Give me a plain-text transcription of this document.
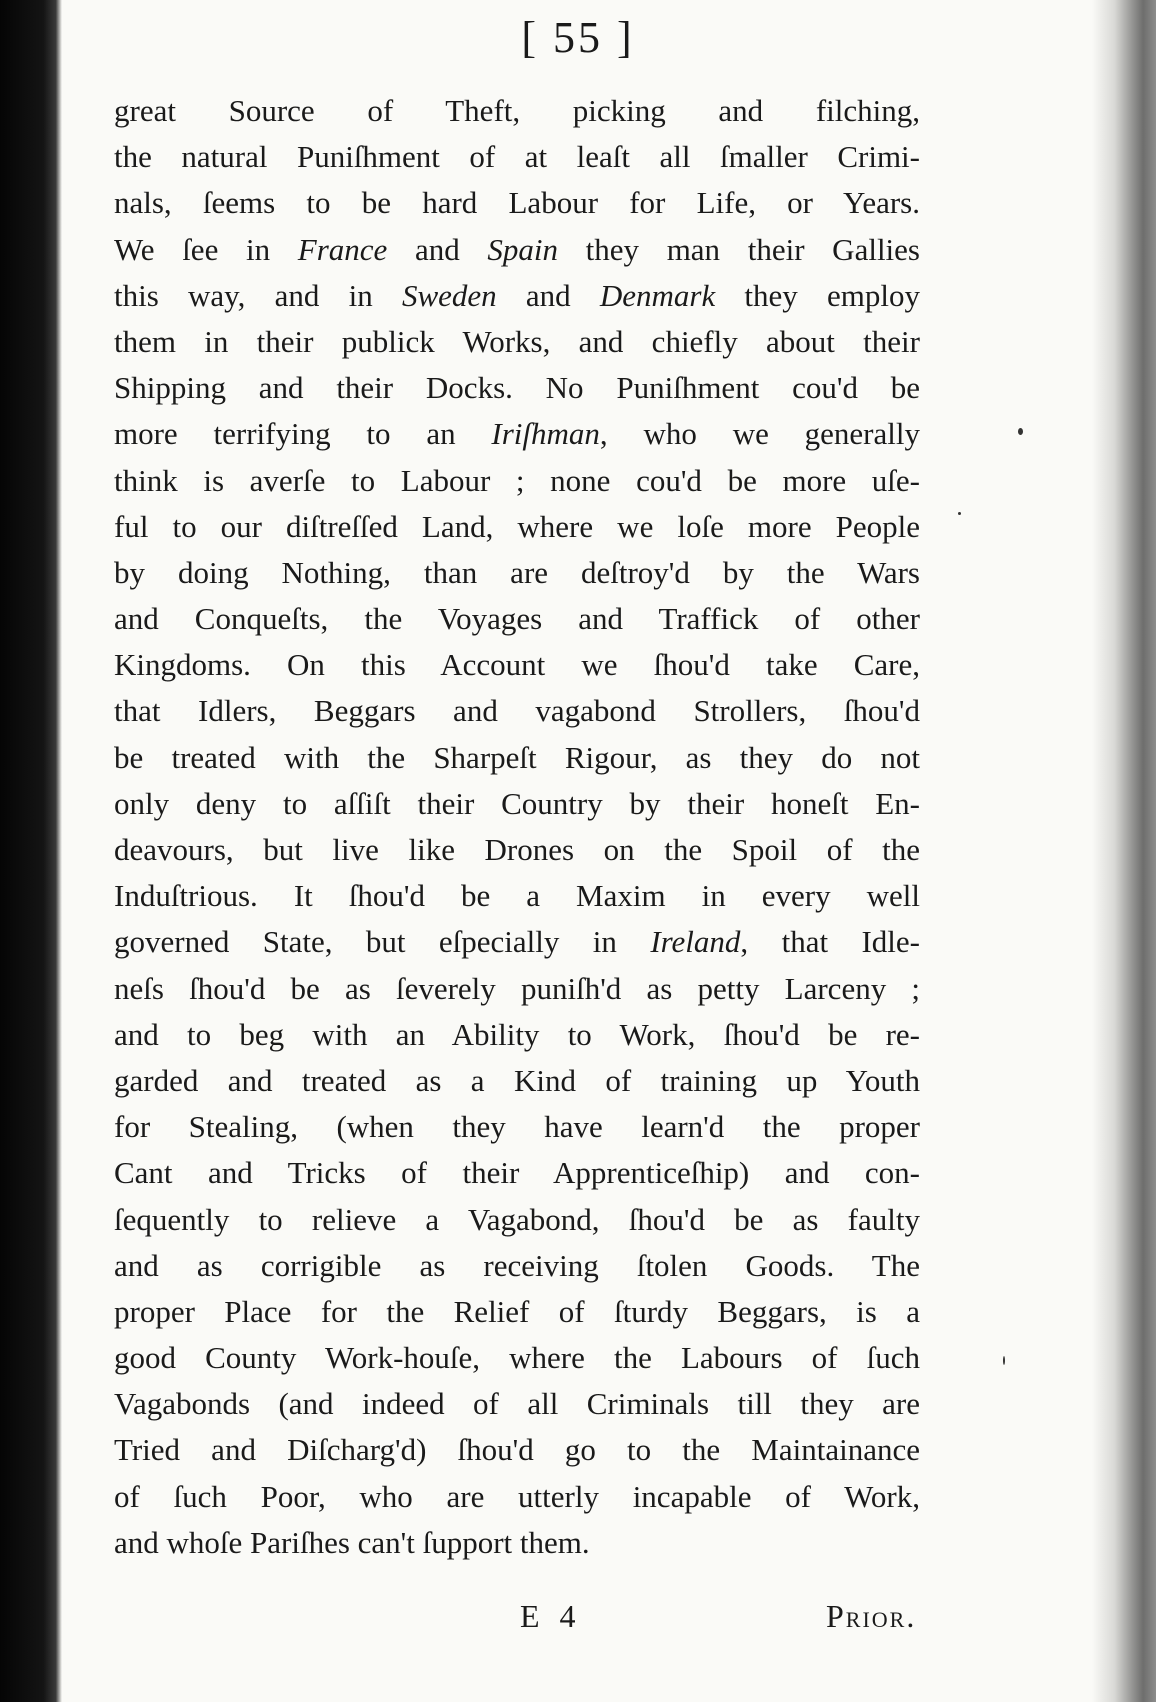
[ 55 ]
great Source of Theft, picking and filching,
the natural Puniſhment of at leaſt all ſmaller Crimi-
nals, ſeems to be hard Labour for Life, or Years.
We ſee in France and Spain they man their Gallies
this way, and in Sweden and Denmark they employ
them in their publick Works, and chiefly about their
Shipping and their Docks. No Puniſhment cou'd be
more terrifying to an Iriſhman, who we generally
think is averſe to Labour ; none cou'd be more uſe-
ful to our diſtreſſed Land, where we loſe more People
by doing Nothing, than are deſtroy'd by the Wars
and Conqueſts, the Voyages and Traffick of other
Kingdoms. On this Account we ſhou'd take Care,
that Idlers, Beggars and vagabond Strollers, ſhou'd
be treated with the Sharpeſt Rigour, as they do not
only deny to aſſiſt their Country by their honeſt En-
deavours, but live like Drones on the Spoil of the
Induſtrious. It ſhou'd be a Maxim in every well
governed State, but eſpecially in Ireland, that Idle-
neſs ſhou'd be as ſeverely puniſh'd as petty Larceny ;
and to beg with an Ability to Work, ſhou'd be re-
garded and treated as a Kind of training up Youth
for Stealing, (when they have learn'd the proper
Cant and Tricks of their Apprenticeſhip) and con-
ſequently to relieve a Vagabond, ſhou'd be as faulty
and as corrigible as receiving ſtolen Goods. The
proper Place for the Relief of ſturdy Beggars, is a
good County Work-houſe, where the Labours of ſuch
Vagabonds (and indeed of all Criminals till they are
Tried and Diſcharg'd) ſhou'd go to the Maintainance
of ſuch Poor, who are utterly incapable of Work,
and whoſe Pariſhes can't ſupport them.
E 4	Prior.
